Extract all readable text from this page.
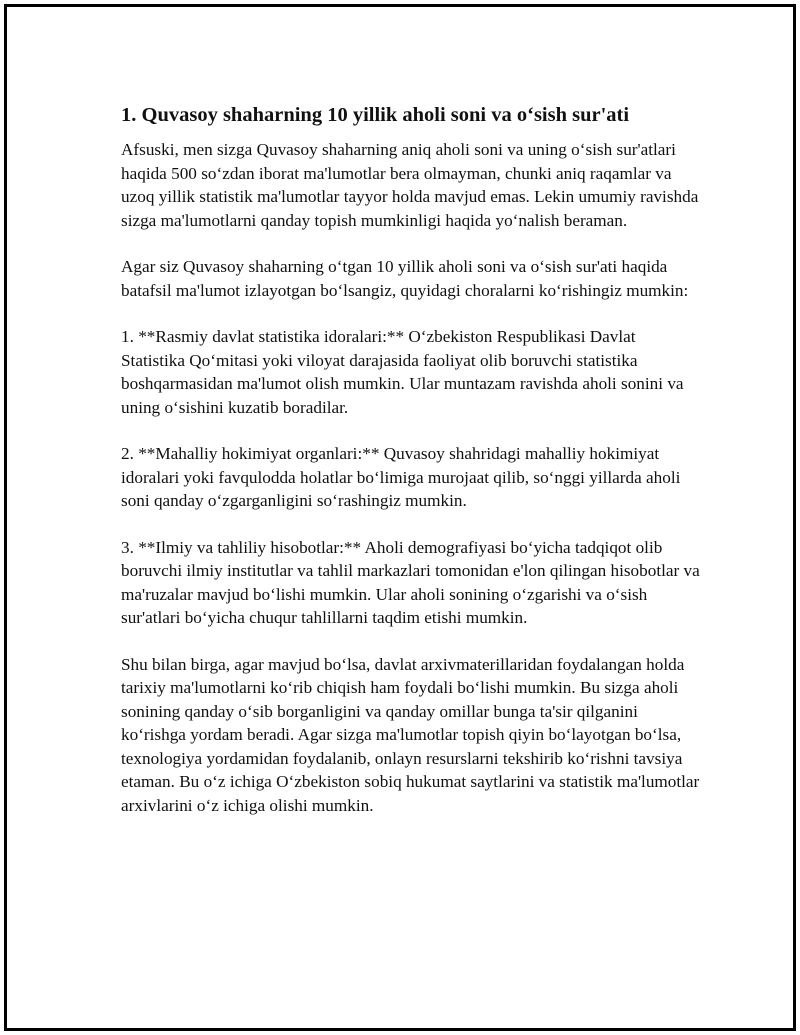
1. Quvasoy shaharning 10 yillik aholi soni va o‘sish sur'ati

Afsuski, men sizga Quvasoy shaharning aniq aholi soni va uning o‘sish sur'atlari haqida 500 so‘zdan iborat ma'lumotlar bera olmayman, chunki aniq raqamlar va uzoq yillik statistik ma'lumotlar tayyor holda mavjud emas. Lekin umumiy ravishda sizga ma'lumotlarni qanday topish mumkinligi haqida yo‘nalish beraman.

Agar siz Quvasoy shaharning o‘tgan 10 yillik aholi soni va o‘sish sur'ati haqida batafsil ma'lumot izlayotgan bo‘lsangiz, quyidagi choralarni ko‘rishingiz mumkin:

1. **Rasmiy davlat statistika idoralari:** O‘zbekiston Respublikasi Davlat Statistika Qo‘mitasi yoki viloyat darajasida faoliyat olib boruvchi statistika boshqarmasidan ma'lumot olish mumkin. Ular muntazam ravishda aholi sonini va uning o‘sishini kuzatib boradilar.

2. **Mahalliy hokimiyat organlari:** Quvasoy shahridagi mahalliy hokimiyat idoralari yoki favqulodda holatlar bo‘limiga murojaat qilib, so‘nggi yillarda aholi soni qanday o‘zgarganligini so‘rashingiz mumkin.

3. **Ilmiy va tahliliy hisobotlar:** Aholi demografiyasi bo‘yicha tadqiqot olib boruvchi ilmiy institutlar va tahlil markazlari tomonidan e'lon qilingan hisobotlar va ma'ruzalar mavjud bo‘lishi mumkin. Ular aholi sonining o‘zgarishi va o‘sish sur'atlari bo‘yicha chuqur tahlillarni taqdim etishi mumkin.

Shu bilan birga, agar mavjud bo‘lsa, davlat arxivmaterillaridan foydalangan holda tarixiy ma'lumotlarni ko‘rib chiqish ham foydali bo‘lishi mumkin. Bu sizga aholi sonining qanday o‘sib borganligini va qanday omillar bunga ta'sir qilganini ko‘rishga yordam beradi. Agar sizga ma'lumotlar topish qiyin bo‘layotgan bo‘lsa, texnologiya yordamidan foydalanib, onlayn resurslarni tekshirib ko‘rishni tavsiya etaman. Bu o‘z ichiga O‘zbekiston sobiq hukumat saytlarini va statistik ma'lumotlar arxivlarini o‘z ichiga olishi mumkin.
